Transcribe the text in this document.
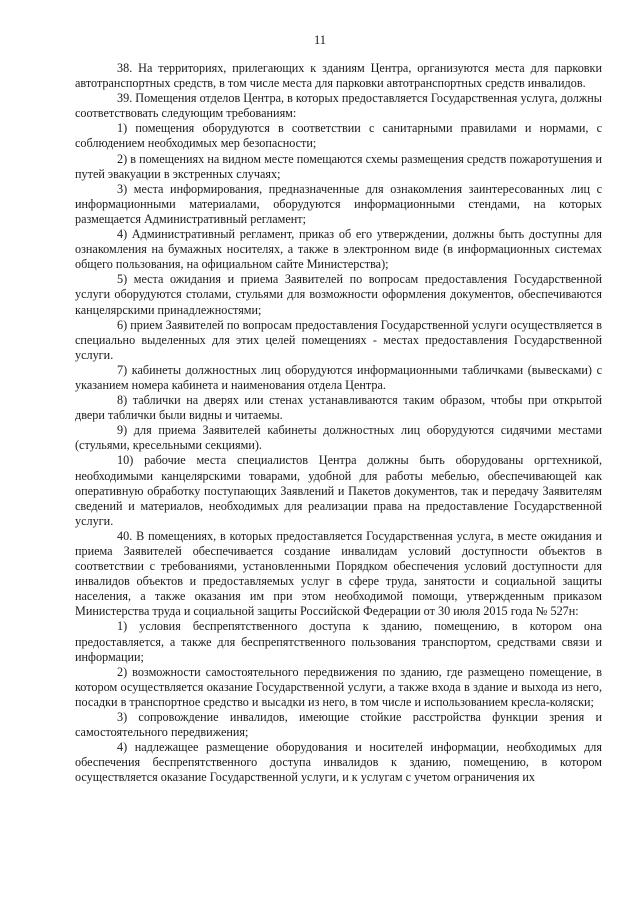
11

38. На территориях, прилегающих к зданиям Центра, организуются места для парковки автотранспортных средств, в том числе места для парковки автотранспортных средств инвалидов.

39. Помещения отделов Центра, в которых предоставляется Государственная услуга, должны соответствовать следующим требованиям:

1) помещения оборудуются в соответствии с санитарными правилами и нормами, с соблюдением необходимых мер безопасности;

2) в помещениях на видном месте помещаются схемы размещения средств пожаротушения и путей эвакуации в экстренных случаях;

3) места информирования, предназначенные для ознакомления заинтересованных лиц с информационными материалами, оборудуются информационными стендами, на которых размещается Административный регламент;

4) Административный регламент, приказ об его утверждении, должны быть доступны для ознакомления на бумажных носителях, а также в электронном виде (в информационных системах общего пользования, на официальном сайте Министерства);

5) места ожидания и приема Заявителей по вопросам предоставления Государственной услуги оборудуются столами, стульями для возможности оформления документов, обеспечиваются канцелярскими принадлежностями;

6) прием Заявителей по вопросам предоставления Государственной услуги осуществляется в специально выделенных для этих целей помещениях - местах предоставления Государственной услуги.

7) кабинеты должностных лиц оборудуются информационными табличками (вывесками) с указанием номера кабинета и наименования отдела Центра.

8) таблички на дверях или стенах устанавливаются таким образом, чтобы при открытой двери таблички были видны и читаемы.

9) для приема Заявителей кабинеты должностных лиц оборудуются сидячими местами (стульями, кресельными секциями).

10) рабочие места специалистов Центра должны быть оборудованы оргтехникой, необходимыми канцелярскими товарами, удобной для работы мебелью, обеспечивающей как оперативную обработку поступающих Заявлений и Пакетов документов, так и передачу Заявителям сведений и материалов, необходимых для реализации права на предоставление Государственной услуги.

40. В помещениях, в которых предоставляется Государственная услуга, в месте ожидания и приема Заявителей обеспечивается создание инвалидам условий доступности объектов в соответствии с требованиями, установленными Порядком обеспечения условий доступности для инвалидов объектов и предоставляемых услуг в сфере труда, занятости и социальной защиты населения, а также оказания им при этом необходимой помощи, утвержденным приказом Министерства труда и социальной защиты Российской Федерации от 30 июля 2015 года № 527н:

1) условия беспрепятственного доступа к зданию, помещению, в котором она предоставляется, а также для беспрепятственного пользования транспортом, средствами связи и информации;

2) возможности самостоятельного передвижения по зданию, где размещено помещение, в котором осуществляется оказание Государственной услуги, а также входа в здание и выхода из него, посадки в транспортное средство и высадки из него, в том числе и использованием кресла-коляски;

3) сопровождение инвалидов, имеющие стойкие расстройства функции зрения и самостоятельного передвижения;

4) надлежащее размещение оборудования и носителей информации, необходимых для обеспечения беспрепятственного доступа инвалидов к зданию, помещению, в котором осуществляется оказание Государственной услуги, и к услугам с учетом ограничения их
